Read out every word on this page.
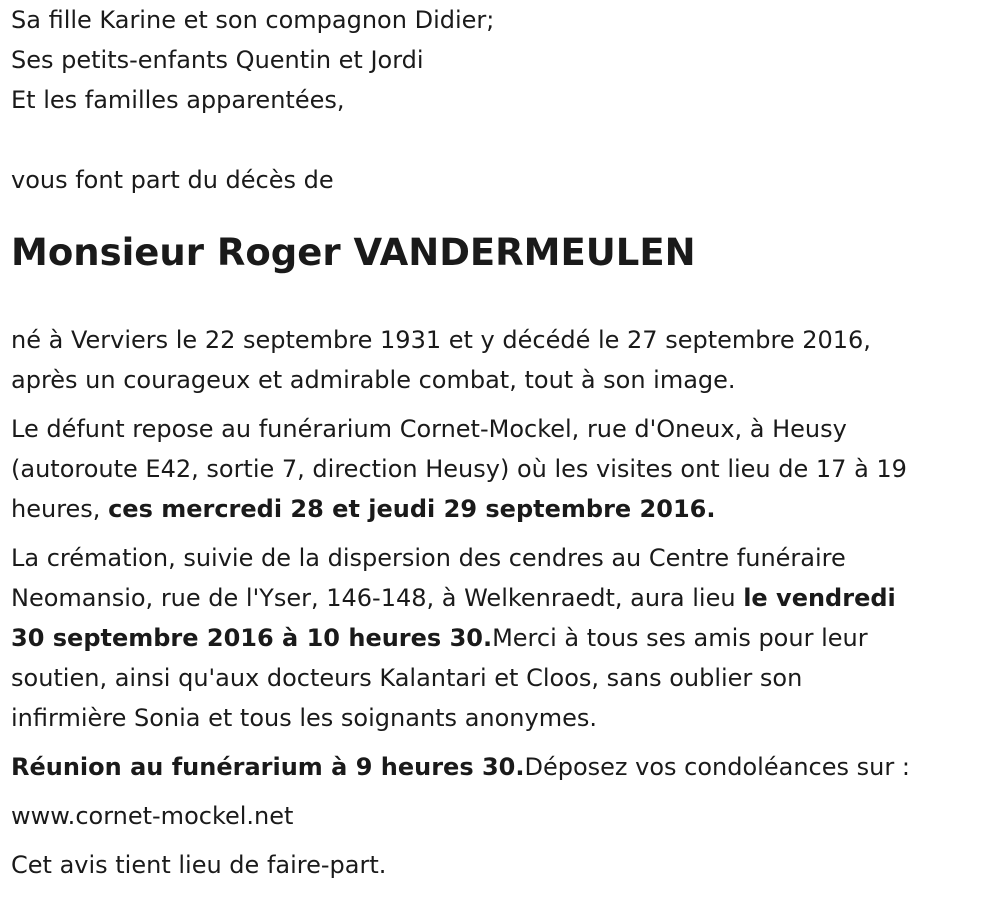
Sa fille Karine et son compagnon Didier;

Ses petits-enfants Quentin et Jordi

Et les familles apparentées,

vous font part du décès de

Monsieur Roger VANDERMEULEN

né à Verviers le 22 septembre 1931 et y décédé le 27 septembre 2016,

après un courageux et admirable combat, tout à son image.

Le défunt repose au funérarium Cornet-Mockel, rue d'Oneux, à Heusy

(autoroute E42, sortie 7, direction Heusy) où les visites ont lieu de 17 à 19

heures, ces mercredi 28 et jeudi 29 septembre 2016.

La crémation, suivie de la dispersion des cendres au Centre funéraire

Neomansio, rue de l'Yser, 146-148, à Welkenraedt, aura lieu le vendredi

30 septembre 2016 à 10 heures 30.Merci à tous ses amis pour leur

soutien, ainsi qu'aux docteurs Kalantari et Cloos, sans oublier son

infirmière Sonia et tous les soignants anonymes.

Réunion au funérarium à 9 heures 30.Déposez vos condoléances sur :

www.cornet-mockel.net

Cet avis tient lieu de faire-part.
